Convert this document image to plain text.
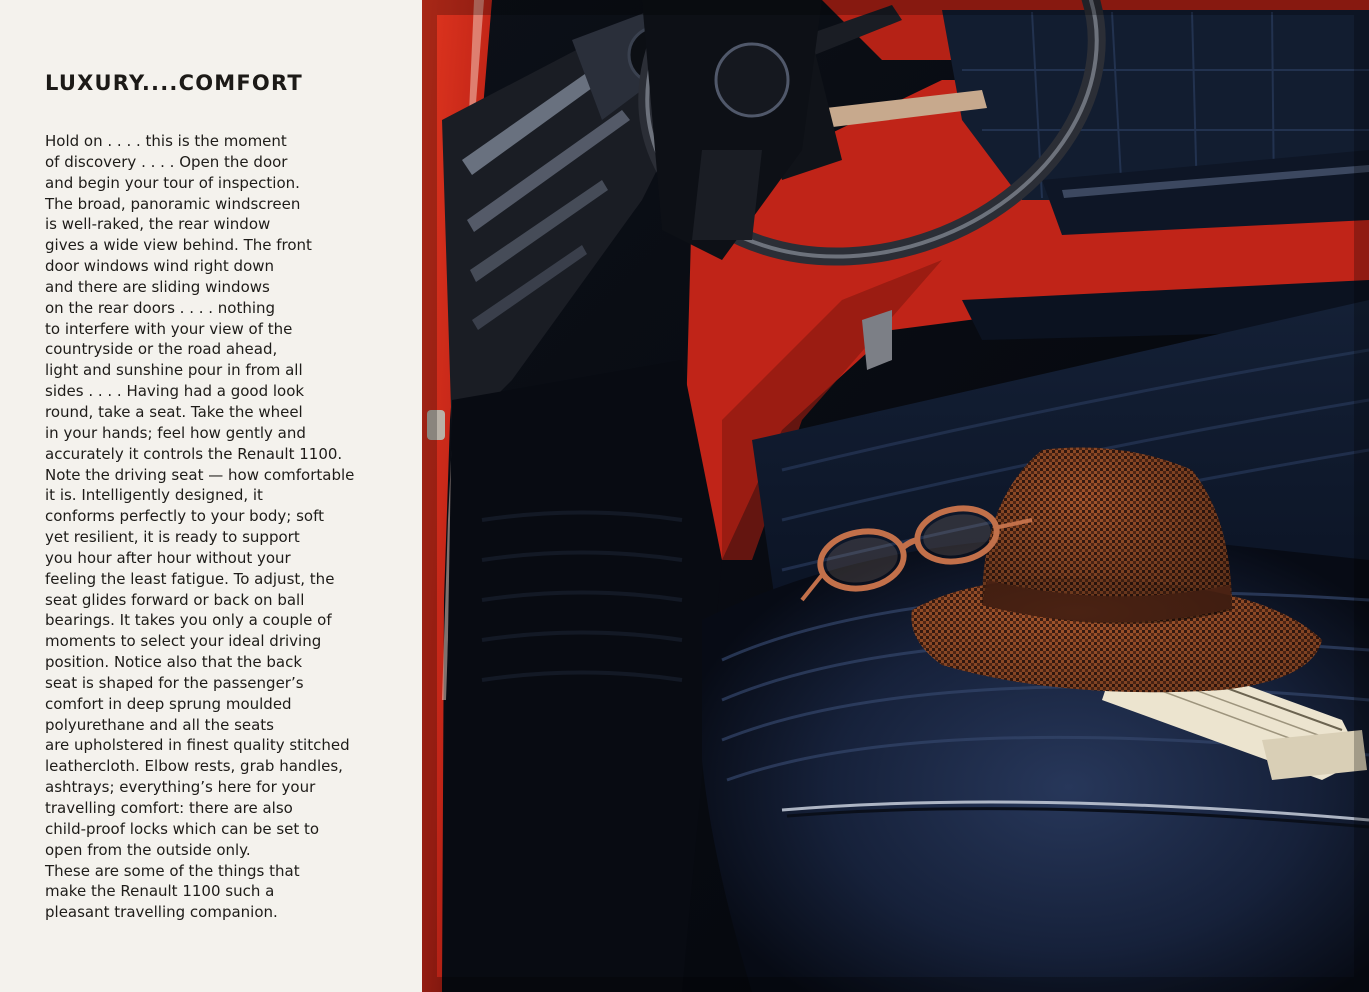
LUXURY....COMFORT
Hold on . . . . this is the moment
of discovery . . . . Open the door
and begin your tour of inspection.
The broad, panoramic windscreen
is well-raked, the rear window
gives a wide view behind. The front
door windows wind right down
and there are sliding windows
on the rear doors . . . . nothing
to interfere with your view of the
countryside or the road ahead,
light and sunshine pour in from all
sides . . . . Having had a good look
round, take a seat. Take the wheel
in your hands; feel how gently and
accurately it controls the Renault 1100.
Note the driving seat — how comfortable
it is. Intelligently designed, it
conforms perfectly to your body; soft
yet resilient, it is ready to support
you hour after hour without your
feeling the least fatigue. To adjust, the
seat glides forward or back on ball
bearings. It takes you only a couple of
moments to select your ideal driving
position. Notice also that the back
seat is shaped for the passenger’s
comfort in deep sprung moulded
polyurethane and all the seats
are upholstered in finest quality stitched
leathercloth. Elbow rests, grab handles,
ashtrays; everything’s here for your
travelling comfort: there are also
child-proof locks which can be set to
open from the outside only.
These are some of the things that
make the Renault 1100 such a
pleasant travelling companion.
